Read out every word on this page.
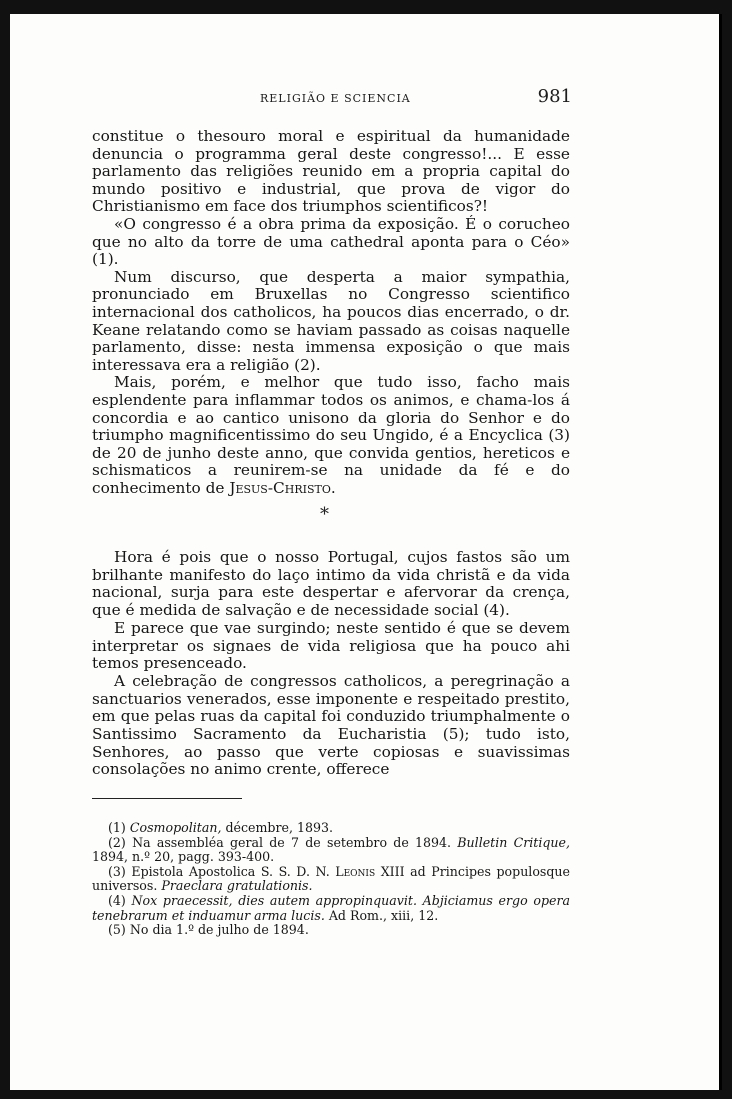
RELIGIÃO E SCIENCIA	981

constitue o thesouro moral e espiritual da humanidade denuncia o programma geral deste congresso!... E esse parlamento das religiões reunido em a propria capital do mundo positivo e industrial, que prova de vigor do Christianismo em face dos triumphos scientificos?!

«O congresso é a obra prima da exposição. É o corucheo que no alto da torre de uma cathedral aponta para o Céo» (1).

Num discurso, que desperta a maior sympathia, pronunciado em Bruxellas no Congresso scientifico internacional dos catholicos, ha poucos dias encerrado, o dr. Keane relatando como se haviam passado as coisas naquelle parlamento, disse: nesta immensa exposição o que mais interessava era a religião (2).

Mais, porém, e melhor que tudo isso, facho mais esplendente para inflammar todos os animos, e chama-los á concordia e ao cantico unisono da gloria do Senhor e do triumpho magnificentissimo do seu Ungido, é a Encyclica (3) de 20 de junho deste anno, que convida gentios, hereticos e schismaticos a reunirem-se na unidade da fé e do conhecimento de Jesus-Christo.

*

Hora é pois que o nosso Portugal, cujos fastos são um brilhante manifesto do laço intimo da vida christã e da vida nacional, surja para este despertar e afervorar da crença, que é medida de salvação e de necessidade social (4).

E parece que vae surgindo; neste sentido é que se devem interpretar os signaes de vida religiosa que ha pouco ahi temos presenceado.

A celebração de congressos catholicos, a peregrinação a sanctuarios venerados, esse imponente e respeitado prestito, em que pelas ruas da capital foi conduzido triumphalmente o Santissimo Sacramento da Eucharistia (5); tudo isto, Senhores, ao passo que verte copiosas e suavissimas consolações no animo crente, offerece

(1) Cosmopolitan, décembre, 1893.

(2) Na assembléa geral de 7 de setembro de 1894. Bulletin Critique, 1894, n.º 20, pagg. 393-400.

(3) Epistola Apostolica S. S. D. N. Leonis XIII ad Principes populosque universos. Praeclara gratulationis.

(4) Nox praecessit, dies autem appropinquavit. Abjiciamus ergo opera tenebrarum et induamur arma lucis. Ad Rom., xiii, 12.

(5) No dia 1.º de julho de 1894.
